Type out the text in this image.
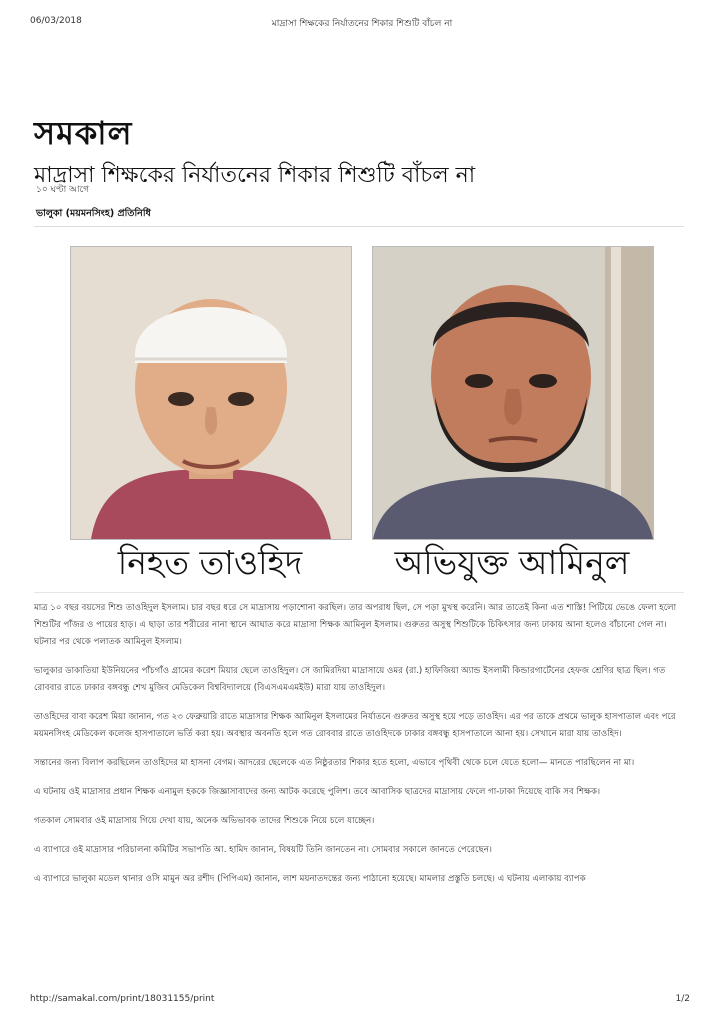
06/03/2018	মাদ্রাসা শিক্ষকের নির্যাতনের শিকার শিশুটি বাঁচল না
সমকাল
মাদ্রাসা শিক্ষকের নির্যাতনের শিকার শিশুটি বাঁচল না
১০ ঘণ্টা আগে
ভালুকা (ময়মনসিংহ) প্রতিনিধি
নিহত তাওহিদ	অভিযুক্ত আমিনুল

মাত্র ১০ বছর বয়সের শিশু তাওহিদুল ইসলাম। চার বছর ধরে সে মাদ্রাসায় পড়াশোনা করছিল। তার অপরাধ ছিল, সে পড়া মুখস্থ করেনি। আর তাতেই কিনা এত শাস্তি! পিটিয়ে ভেঙে ফেলা হলো শিশুটির পাঁজর ও পায়ের হাড়। এ ছাড়া তার শরীরের নানা স্থানে আঘাত করে মাদ্রাসা শিক্ষক আমিনুল ইসলাম। গুরুতর অসুস্থ শিশুটিকে চিকিৎসার জন্য ঢাকায় আনা হলেও বাঁচানো গেল না। ঘটনার পর থেকে পলাতক আমিনুল ইসলাম।

ভালুকার ডাকাতিয়া ইউনিয়নের পাঁচগাঁও গ্রামের করেশ মিয়ার ছেলে তাওহিদুল। সে জামিরদিয়া মাদ্রাসায়ে ওমর (রা.) হাফিজিয়া অ্যান্ড ইসলামী কিন্ডারগার্টেনের হেফজ শ্রেণির ছাত্র ছিল। গত রোববার রাতে ঢাকার বঙ্গবন্ধু শেখ মুজিব মেডিকেল বিশ্ববিদ্যালয়ে (বিএসএমএমইউ) মারা যায় তাওহিদুল।

তাওহিদের বাবা করেশ মিয়া জানান, গত ২৩ ফেব্রুয়ারি রাতে মাদ্রাসার শিক্ষক আমিনুল ইসলামের নির্যাতনে গুরুতর অসুস্থ হয়ে পড়ে তাওহিদ। এর পর তাকে প্রথমে ভালুক হাসপাতাল এবং পরে ময়মনসিংহ মেডিকেল কলেজ হাসপাতালে ভর্তি করা হয়। অবস্থার অবনতি হলে গত রোববার রাতে তাওহিদকে ঢাকার বঙ্গবন্ধু হাসপাতালে আনা হয়। সেখানে মারা যায় তাওহিদ।

সন্তানের জন্য বিলাপ করছিলেন তাওহিদের মা হাসনা বেগম। আদরের ছেলেকে এত নিষ্ঠুরতার শিকার হতে হলো, এভাবে পৃথিবী থেকে চলে যেতে হলো— মানতে পারছিলেন না মা।

এ ঘটনায় ওই মাদ্রাসার প্রধান শিক্ষক এনামুল হককে জিজ্ঞাসাবাদের জন্য আটক করেছে পুলিশ। তবে আবাসিক ছাত্রদের মাদ্রাসায় ফেলে গা-ঢাকা দিয়েছে বাকি সব শিক্ষক।

গতকাল সোমবার ওই মাদ্রাসায় গিয়ে দেখা যায়, অনেক অভিভাবক তাদের শিশুকে নিয়ে চলে যাচ্ছেন।

এ ব্যাপারে ওই মাদ্রাসার পরিচালনা কমিটির সভাপতি আ. হামিদ জানান, বিষয়টি তিনি জানতেন না। সোমবার সকালে জানতে পেরেছেন।

এ ব্যাপারে ভালুকা মডেল থানার ওসি মামুন অর রশীদ (পিপিএম) জানান, লাশ ময়নাতদন্তের জন্য পাঠানো হয়েছে। মামলার প্রস্তুতি চলছে। এ ঘটনায় এলাকায় ব্যাপক

http://samakal.com/print/18031155/print	1/2
